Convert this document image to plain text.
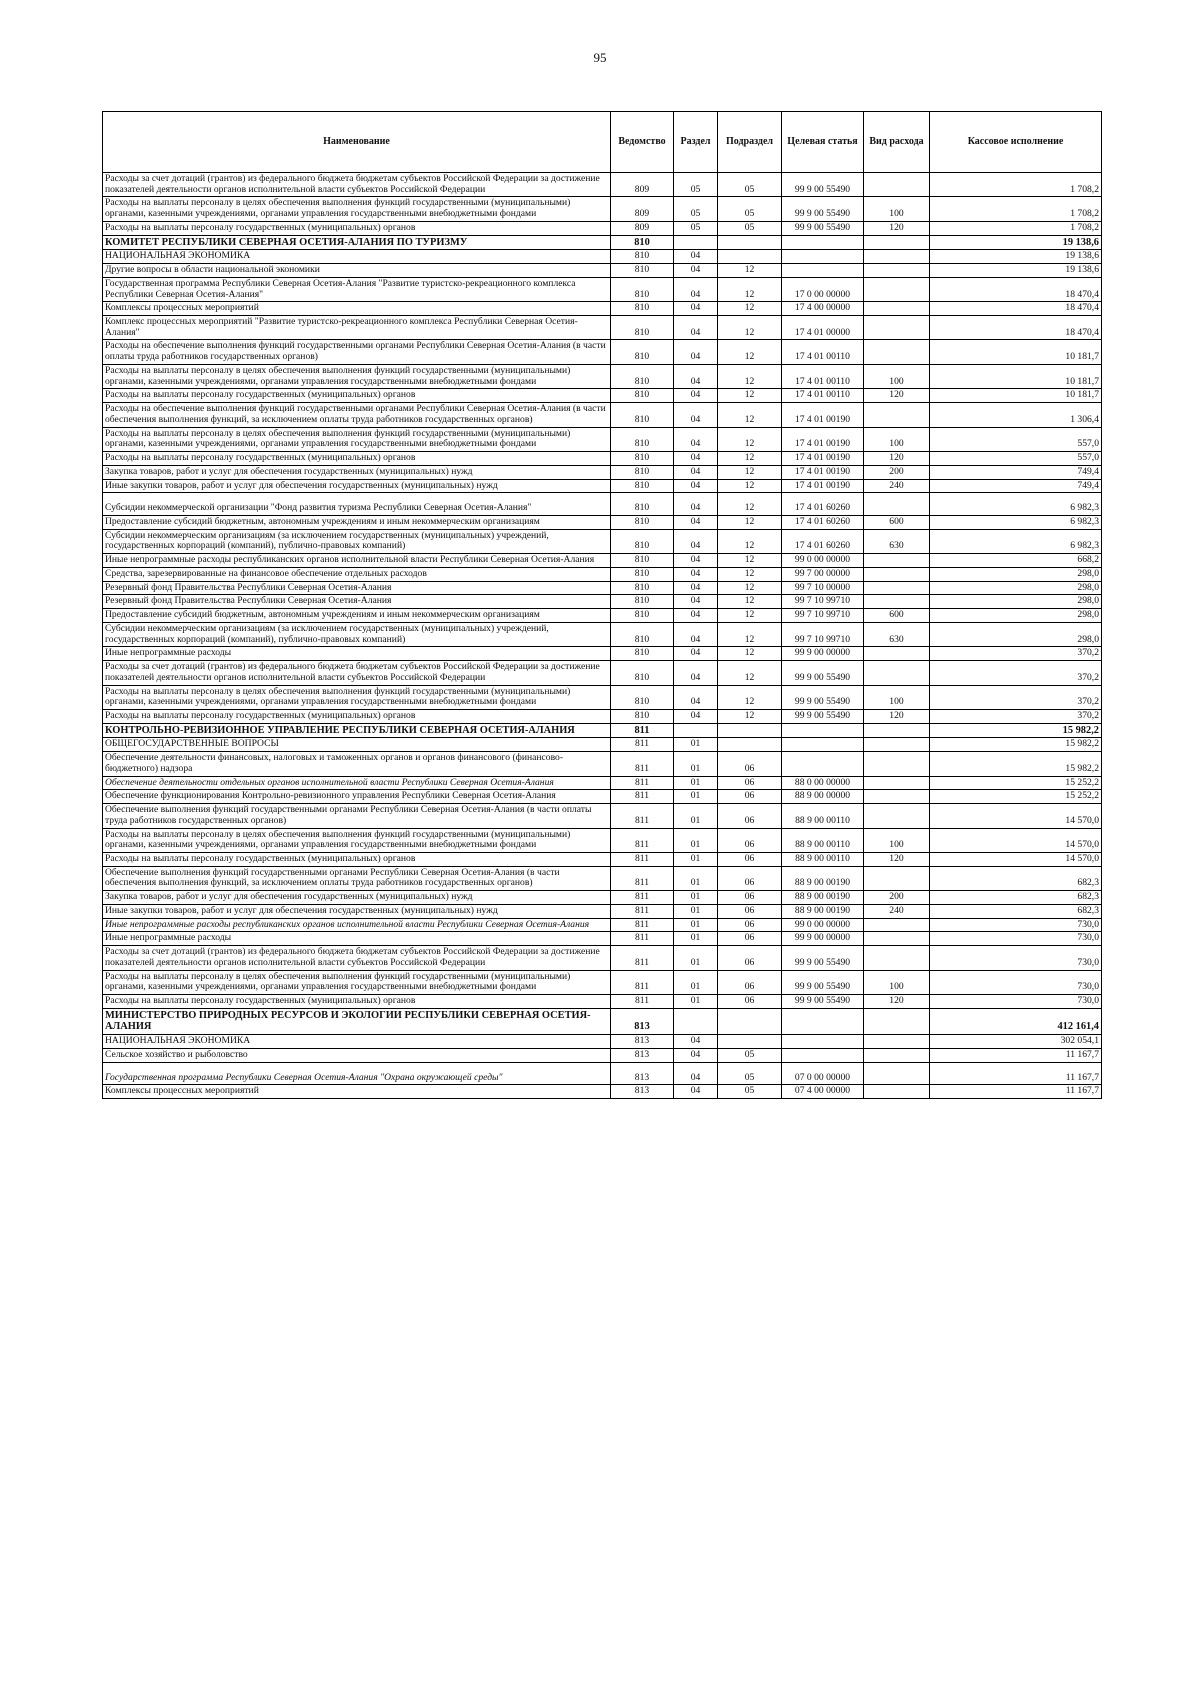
95
Наименование	Ведомство	Раздел	Подраздел	Целевая статья	Вид расхода	Кассовое исполнение
Расходы за счет дотаций (грантов) из федерального бюджета бюджетам субъектов Российской Федерации за достижение показателей деятельности органов исполнительной власти субъектов Российской Федерации	809	05	05	99 9 00 55490		1 708,2
Расходы на выплаты персоналу в целях обеспечения выполнения функций государственными (муниципальными) органами, казенными учреждениями, органами управления государственными внебюджетными фондами	809	05	05	99 9 00 55490	100	1 708,2
Расходы на выплаты персоналу государственных (муниципальных) органов	809	05	05	99 9 00 55490	120	1 708,2
КОМИТЕТ РЕСПУБЛИКИ СЕВЕРНАЯ ОСЕТИЯ-АЛАНИЯ ПО ТУРИЗМУ	810					19 138,6
НАЦИОНАЛЬНАЯ ЭКОНОМИКА	810	04				19 138,6
Другие вопросы в области национальной экономики	810	04	12			19 138,6
Государственная программа Республики Северная Осетия-Алания "Развитие туристско-рекреационного комплекса Республики Северная Осетия-Алания"	810	04	12	17 0 00 00000		18 470,4
Комплексы процессных мероприятий	810	04	12	17 4 00 00000		18 470,4
Комплекс процессных мероприятий "Развитие туристско-рекреационного комплекса Республики Северная Осетия-Алания"	810	04	12	17 4 01 00000		18 470,4
Расходы на обеспечение выполнения функций государственными органами Республики Северная Осетия-Алания (в части оплаты труда работников государственных органов)	810	04	12	17 4 01 00110		10 181,7
Расходы на выплаты персоналу в целях обеспечения выполнения функций государственными (муниципальными) органами, казенными учреждениями, органами управления государственными внебюджетными фондами	810	04	12	17 4 01 00110	100	10 181,7
Расходы на выплаты персоналу государственных (муниципальных) органов	810	04	12	17 4 01 00110	120	10 181,7
Расходы на обеспечение выполнения функций государственными органами Республики Северная Осетия-Алания (в части обеспечения выполнения функций, за исключением оплаты труда работников государственных органов)	810	04	12	17 4 01 00190		1 306,4
Расходы на выплаты персоналу в целях обеспечения выполнения функций государственными (муниципальными) органами, казенными учреждениями, органами управления государственными внебюджетными фондами	810	04	12	17 4 01 00190	100	557,0
Расходы на выплаты персоналу государственных (муниципальных) органов	810	04	12	17 4 01 00190	120	557,0
Закупка товаров, работ и услуг для обеспечения государственных (муниципальных) нужд	810	04	12	17 4 01 00190	200	749,4
Иные закупки товаров, работ и услуг для обеспечения государственных (муниципальных) нужд	810	04	12	17 4 01 00190	240	749,4
Субсидии некоммерческой организации "Фонд развития туризма Республики Северная Осетия-Алания"	810	04	12	17 4 01 60260		6 982,3
Предоставление субсидий бюджетным, автономным учреждениям и иным некоммерческим организациям	810	04	12	17 4 01 60260	600	6 982,3
Субсидии некоммерческим организациям (за исключением государственных (муниципальных) учреждений, государственных корпораций (компаний), публично-правовых компаний)	810	04	12	17 4 01 60260	630	6 982,3
Иные непрограммные расходы республиканских органов исполнительной власти Республики Северная Осетия-Алания	810	04	12	99 0 00 00000		668,2
Средства, зарезервированные на финансовое обеспечение отдельных расходов	810	04	12	99 7 00 00000		298,0
Резервный фонд Правительства Республики Северная Осетия-Алания	810	04	12	99 7 10 00000		298,0
Резервный фонд Правительства Республики Северная Осетия-Алания	810	04	12	99 7 10 99710		298,0
Предоставление субсидий бюджетным, автономным учреждениям и иным некоммерческим организациям	810	04	12	99 7 10 99710	600	298,0
Субсидии некоммерческим организациям (за исключением государственных (муниципальных) учреждений, государственных корпораций (компаний), публично-правовых компаний)	810	04	12	99 7 10 99710	630	298,0
Иные непрограммные расходы	810	04	12	99 9 00 00000		370,2
Расходы за счет дотаций (грантов) из федерального бюджета бюджетам субъектов Российской Федерации за достижение показателей деятельности органов исполнительной власти субъектов Российской Федерации	810	04	12	99 9 00 55490		370,2
Расходы на выплаты персоналу в целях обеспечения выполнения функций государственными (муниципальными) органами, казенными учреждениями, органами управления государственными внебюджетными фондами	810	04	12	99 9 00 55490	100	370,2
Расходы на выплаты персоналу государственных (муниципальных) органов	810	04	12	99 9 00 55490	120	370,2
КОНТРОЛЬНО-РЕВИЗИОННОЕ УПРАВЛЕНИЕ РЕСПУБЛИКИ СЕВЕРНАЯ ОСЕТИЯ-АЛАНИЯ	811					15 982,2
ОБЩЕГОСУДАРСТВЕННЫЕ ВОПРОСЫ	811	01				15 982,2
Обеспечение деятельности финансовых, налоговых и таможенных органов и органов финансового (финансово-бюджетного) надзора	811	01	06			15 982,2
Обеспечение деятельности отдельных органов исполнительной власти Республики Северная Осетия-Алания	811	01	06	88 0 00 00000		15 252,2
Обеспечение функционирования Контрольно-ревизионного управления Республики Северная Осетия-Алания	811	01	06	88 9 00 00000		15 252,2
Обеспечение выполнения функций государственными органами Республики Северная Осетия-Алания (в части оплаты труда работников государственных органов)	811	01	06	88 9 00 00110		14 570,0
Расходы на выплаты персоналу в целях обеспечения выполнения функций государственными (муниципальными) органами, казенными учреждениями, органами управления государственными внебюджетными фондами	811	01	06	88 9 00 00110	100	14 570,0
Расходы на выплаты персоналу государственных (муниципальных) органов	811	01	06	88 9 00 00110	120	14 570,0
Обеспечение выполнения функций государственными органами Республики Северная Осетия-Алания (в части обеспечения выполнения функций, за исключением оплаты труда работников государственных органов)	811	01	06	88 9 00 00190		682,3
Закупка товаров, работ и услуг для обеспечения государственных (муниципальных) нужд	811	01	06	88 9 00 00190	200	682,3
Иные закупки товаров, работ и услуг для обеспечения государственных (муниципальных) нужд	811	01	06	88 9 00 00190	240	682,3
Иные непрограммные расходы республиканских органов исполнительной власти Республики Северная Осетия-Алания	811	01	06	99 0 00 00000		730,0
Иные непрограммные расходы	811	01	06	99 9 00 00000		730,0
Расходы за счет дотаций (грантов) из федерального бюджета бюджетам субъектов Российской Федерации за достижение показателей деятельности органов исполнительной власти субъектов Российской Федерации	811	01	06	99 9 00 55490		730,0
Расходы на выплаты персоналу в целях обеспечения выполнения функций государственными (муниципальными) органами, казенными учреждениями, органами управления государственными внебюджетными фондами	811	01	06	99 9 00 55490	100	730,0
Расходы на выплаты персоналу государственных (муниципальных) органов	811	01	06	99 9 00 55490	120	730,0
МИНИСТЕРСТВО ПРИРОДНЫХ РЕСУРСОВ И ЭКОЛОГИИ РЕСПУБЛИКИ СЕВЕРНАЯ ОСЕТИЯ-АЛАНИЯ	813					412 161,4
НАЦИОНАЛЬНАЯ ЭКОНОМИКА	813	04				302 054,1
Сельское хозяйство и рыболовство	813	04	05			11 167,7
Государственная программа Республики Северная Осетия-Алания "Охрана окружающей среды"	813	04	05	07 0 00 00000		11 167,7
Комплексы процессных мероприятий	813	04	05	07 4 00 00000		11 167,7
